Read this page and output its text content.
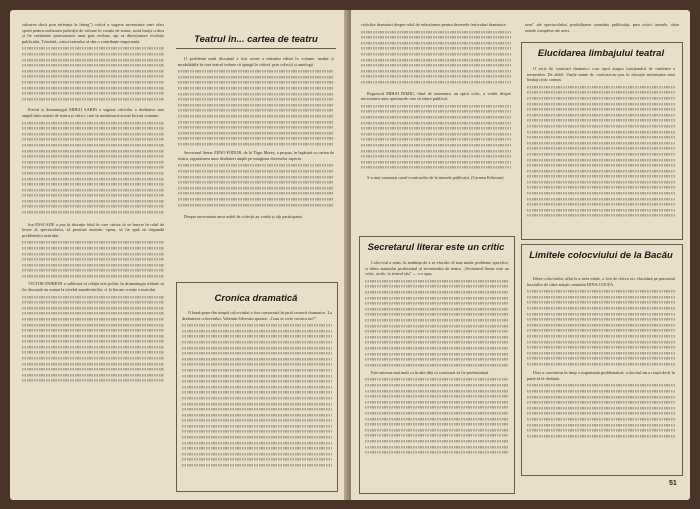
valoarea decit prin referința la întreg") critică a sugerat necesitatea unei oferi sporit pentru realizarea judecății de valoare în creația de teatru, actul însăși critica și fie realmente promotoarea unui gest evoluat, apt să direcționeze evoluția publicului. Totodată, critica teatrului să dea o contribuție importantă.

Poetul și dramaturgul MIHAI SABIN a sugerat criticilor o dezbatere mai amplă între autorii de teatru și critici, care să urmărească aceste lucruri comune.

Ion PASCADE a pus în discuție felul în care critica să se înscrie în rolul de lector al spectacolului, să prezinte autentic opera, să fie aptă să răspundă problemelor teatrului.

VICTOR PARHON a subliniat că relația etic-politic în dramaturgia trebuie să fie discutată nu numai la nivelul manifestărilor, ci la fiecare creație a teatrului.

Teatrul în... cartea de teatru

O problemă mult discutată a fost aceea a teatrului editat în volume, modul și modalitățile în care teatrul trebuie să ajungă la cititori, prin colecții și antologii.

Secretarul literar ZENO FODOR, de la Tîrgu Mureș, a propus, în legătură cu cartea de teatru, organizarea unor dezbateri ample pe marginea diverselor aspecte.

Despre necesitatea unor astfel de colecții au vorbit și alți participanți.

Cronica dramatică

O bună parte din timpul colocviului a fost consacrată în jurul cronicii dramatice. La dezbaterea colocviului, Valentin Silvestru spunea: „Cum se scrie cronica azi?"

criticilor dramatici despre rolul de selecționeri pentru diversele festivaluri dramatice.

Regizorul MIHAI DIMIU, fiind de asemenea, un spirit critic, a vorbit despre necesitatea unor spectacole care să educe publicul.

S-a mai comentat cazul cronicarilor de la tinerele publicații. (Carmen Kebezan)

Secretarul literar este un critic

Colocviul a atins, în tendința de a se elucida cît mai multe probleme specifice, și ideea statutului profesional al secretarului de teatru. „Secretarul literar este un critic, acolo, în teatrul său" — s-a spus.

Este necesar mai mult ca în alte dăți ca cronicarii să fie profesioniști.

sens" ale spectacolului, posibilitatea orientării publicului, prin critici teatrale, către zonele complexe ale artei.

Elucidarea limbajului teatral

O serie de cronicari dramatici s-au oprit asupra funcționării de conferire a termenilor. De altfel, Vasile nume de cronicari-au pus în discuție necesitatea unui limbaj critic comun.

Limitele colocviului de la Bacău

Ideea colocviului, aflat la a treia ediție, a fost de cîteva ori, elucidată pe parcursul lucrărilor de către artiștii centrului DINA COCEA.

Deși a concentrat în timp o importantă problematică, colocviul nu a reușit decît în parte să le dezbată.

51
